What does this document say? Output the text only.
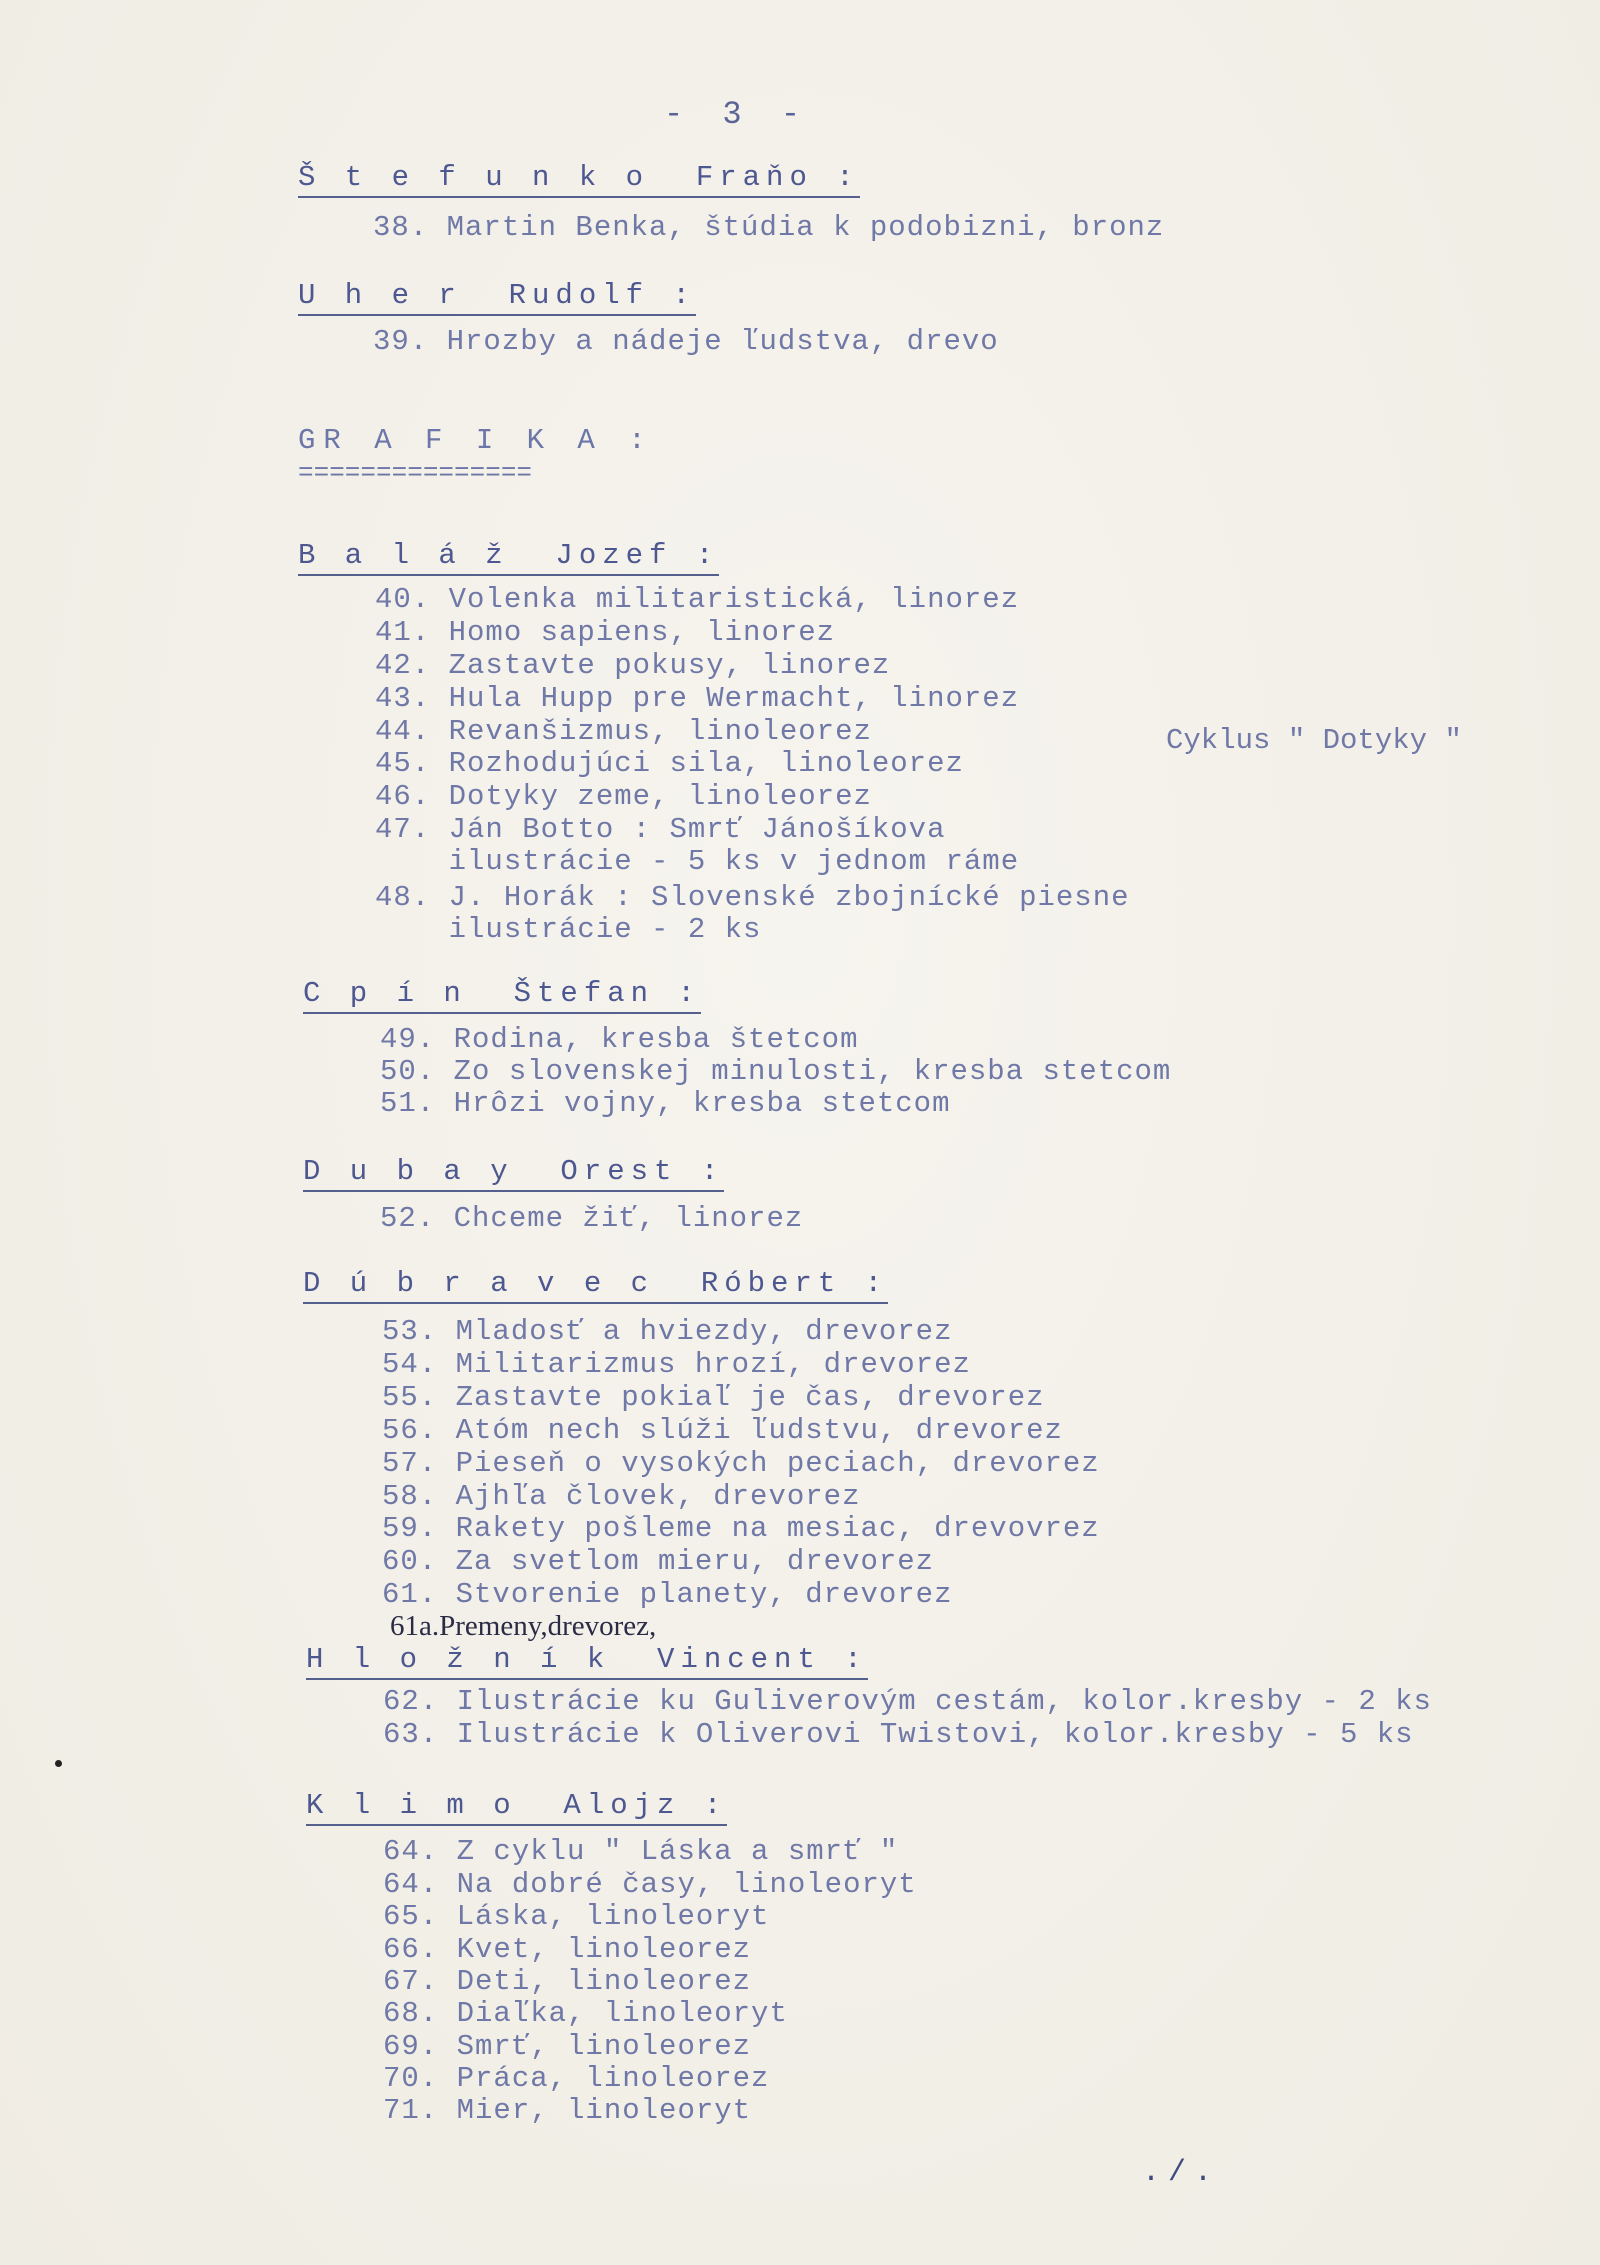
- 3 -
Š t e f u n k o  Fraňo :
38. Martin Benka, štúdia k podobizni, bronz
U h e r  Rudolf :
39. Hrozby a nádeje ľudstva, drevo
GR A F I K A :
===============
B a l á ž  Jozef :
40. Volenka militaristická, linorez
41. Homo sapiens, linorez
42. Zastavte pokusy, linorez
43. Hula Hupp pre Wermacht, linorez
44. Revanšizmus, linoleorez
45. Rozhodujúci sila, linoleorez
46. Dotyky zeme, linoleorez
47. Ján Botto : Smrť Jánošíkova
ilustrácie - 5 ks v jednom ráme
48. J. Horák : Slovenské zbojnícké piesne
ilustrácie - 2 ks
Cyklus " Dotyky "
C p í n  Štefan :
49. Rodina, kresba štetcom
50. Zo slovenskej minulosti, kresba stetcom
51. Hrôzi vojny, kresba stetcom
D u b a y  Orest :
52. Chceme žiť, linorez
D ú b r a v e c  Róbert :
53. Mladosť a hviezdy, drevorez
54. Militarizmus hrozí, drevorez
55. Zastavte pokiaľ je čas, drevorez
56. Atóm nech slúži ľudstvu, drevorez
57. Pieseň o vysokých peciach, drevorez
58. Ajhľa človek, drevorez
59. Rakety pošleme na mesiac, drevovrez
60. Za svetlom mieru, drevorez
61. Stvorenie planety, drevorez
61a.Premeny,drevorez,
H l o ž n í k  Vincent :
62. Ilustrácie ku Guliverovým cestám, kolor.kresby - 2 ks
63. Ilustrácie k Oliverovi Twistovi, kolor.kresby - 5 ks
K l i m o  Alojz :
64. Z cyklu " Láska a smrť "
64. Na dobré časy, linoleoryt
65. Láska, linoleoryt
66. Kvet, linoleorez
67. Deti, linoleorez
68. Diaľka, linoleoryt
69. Smrť, linoleorez
70. Práca, linoleorez
71. Mier, linoleoryt
./.
